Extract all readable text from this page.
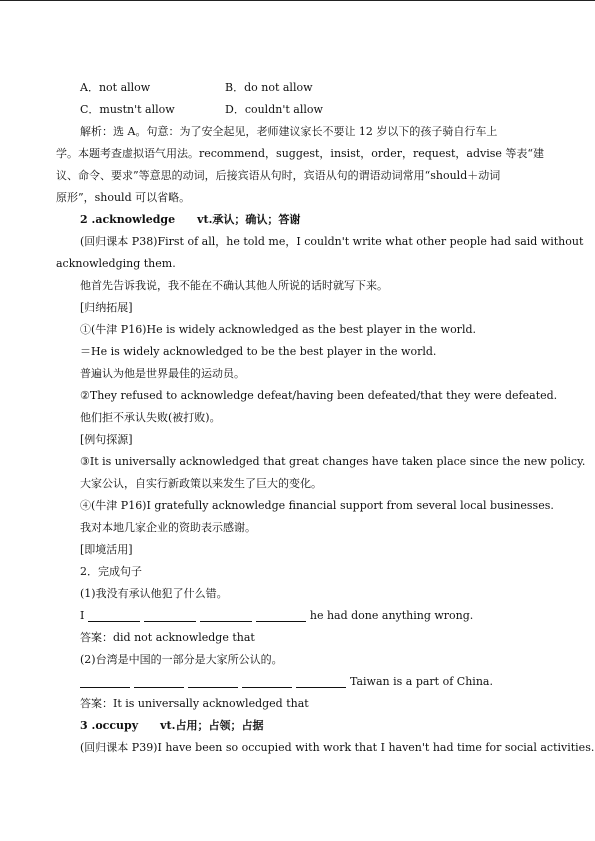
A．not allow	B．do not allow
C．mustn't allow	D．couldn't allow
解析：选 A。句意：为了安全起见，老师建议家长不要让 12 岁以下的孩子骑自行车上
学。本题考查虚拟语气用法。recommend，suggest，insist，order，request，advise 等表“建
议、命令、要求”等意思的动词，后接宾语从句时，宾语从句的谓语动词常用“should＋动词
原形”，should 可以省略。
2 .acknowledge vt.承认；确认；答谢
(回归课本 P38)First of all，he told me，I couldn't write what other people had said without
acknowledging them.
他首先告诉我说，我不能在不确认其他人所说的话时就写下来。
[归纳拓展]
①(牛津 P16)He is widely acknowledged as the best player in the world.
＝He is widely acknowledged to be the best player in the world.
普遍认为他是世界最佳的运动员。
②They refused to acknowledge defeat/having been defeated/that they were defeated.
他们拒不承认失败(被打败)。
[例句探源]
③It is universally acknowledged that great changes have taken place since the new policy.
大家公认，自实行新政策以来发生了巨大的变化。
④(牛津 P16)I gratefully acknowledge financial support from several local businesses.
我对本地几家企业的资助表示感谢。
[即境活用]
2．完成句子
(1)我没有承认他犯了什么错。
I	he had done anything wrong.
答案：did not acknowledge that
(2)台湾是中国的一部分是大家所公认的。
Taiwan is a part of China.
答案：It is universally acknowledged that
3 .occupy vt.占用；占领；占据
(回归课本 P39)I have been so occupied with work that I haven't had time for social activities.
